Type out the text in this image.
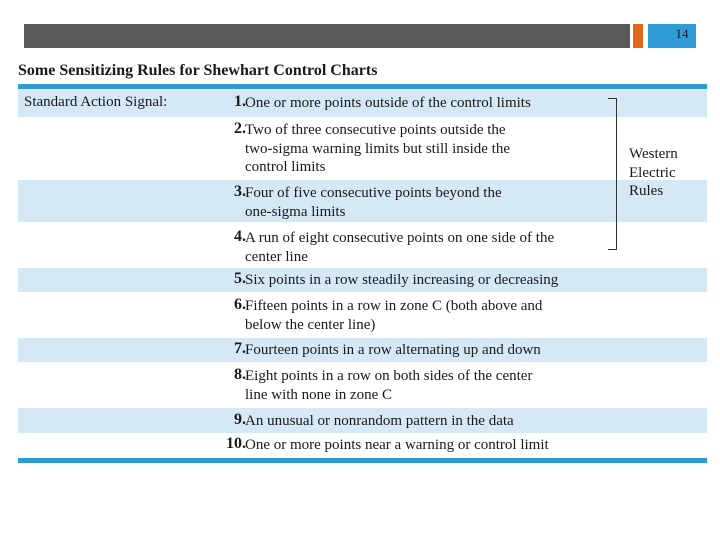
14
Some Sensitizing Rules for Shewhart Control Charts
Standard Action Signal:	1. One or more points outside of the control limits
2. Two of three consecutive points outside the
two-sigma warning limits but still inside the
control limits
3. Four of five consecutive points beyond the
one-sigma limits
4. A run of eight consecutive points on one side of the
center line
5. Six points in a row steadily increasing or decreasing
6. Fifteen points in a row in zone C (both above and
below the center line)
7. Fourteen points in a row alternating up and down
8. Eight points in a row on both sides of the center
line with none in zone C
9. An unusual or nonrandom pattern in the data
10. One or more points near a warning or control limit
Western
Electric
Rules
